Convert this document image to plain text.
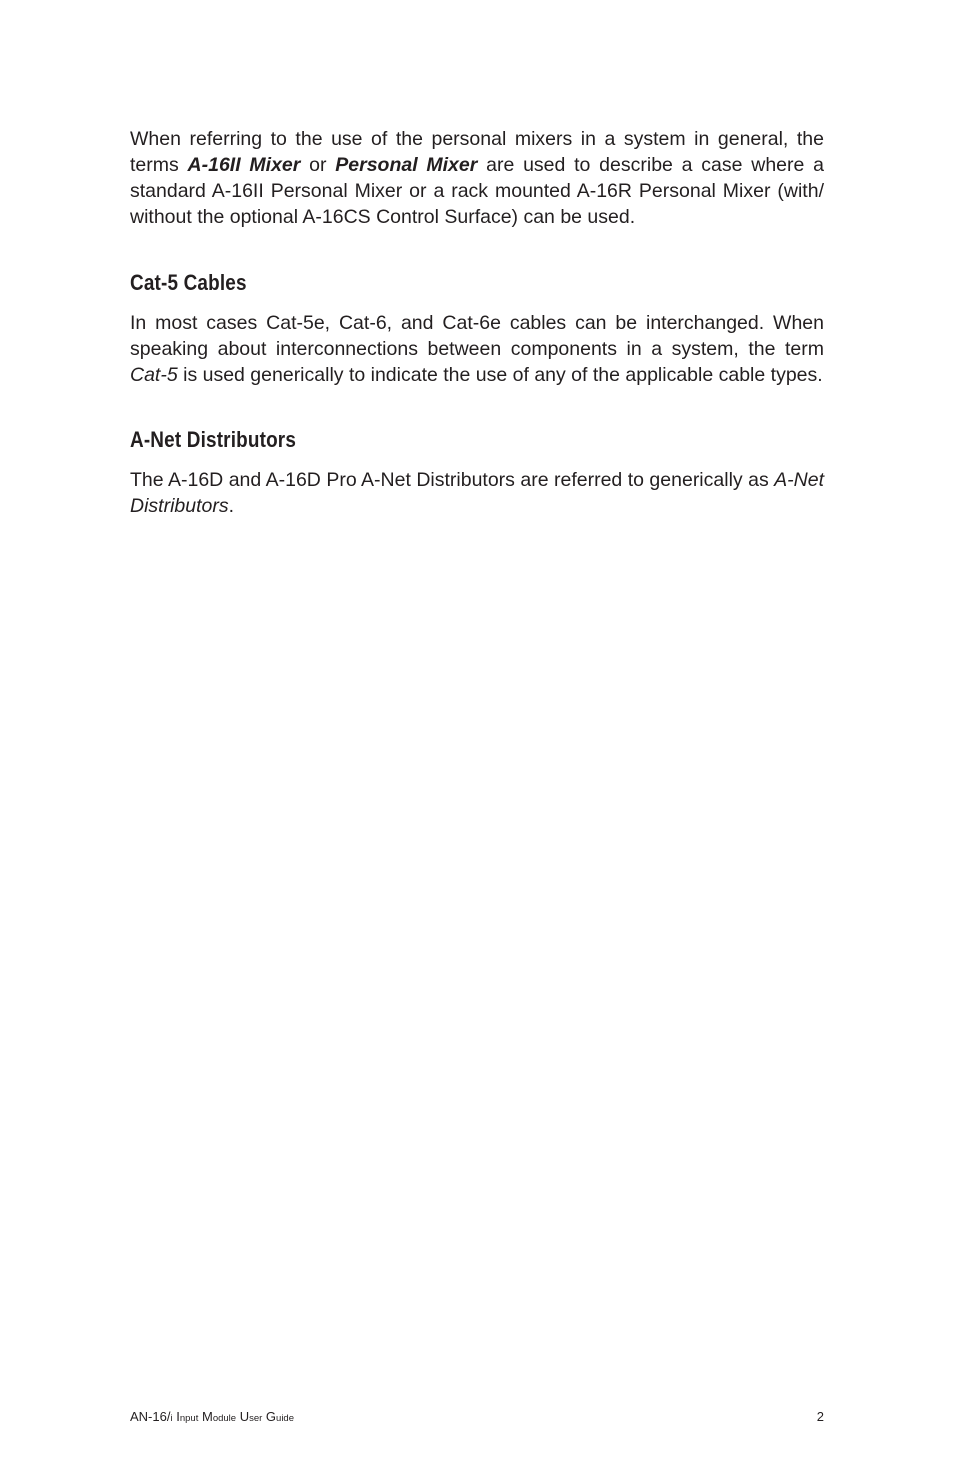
When referring to the use of the personal mixers in a system in general, the terms A-16II Mixer or Personal Mixer are used to describe a case where a standard A-16II Personal Mixer or a rack mounted A-16R Personal Mixer (with/ without the optional A-16CS Control Surface) can be used.

Cat-5 Cables

In most cases Cat-5e, Cat-6, and Cat-6e cables can be interchanged. When speaking about interconnections between components in a system, the term Cat-5 is used generically to indicate the use of any of the applicable cable types.

A-Net Distributors

The A-16D and A-16D Pro A-Net Distributors are referred to generically as A-Net Distributors.

AN-16/i Input Module User Guide	2
